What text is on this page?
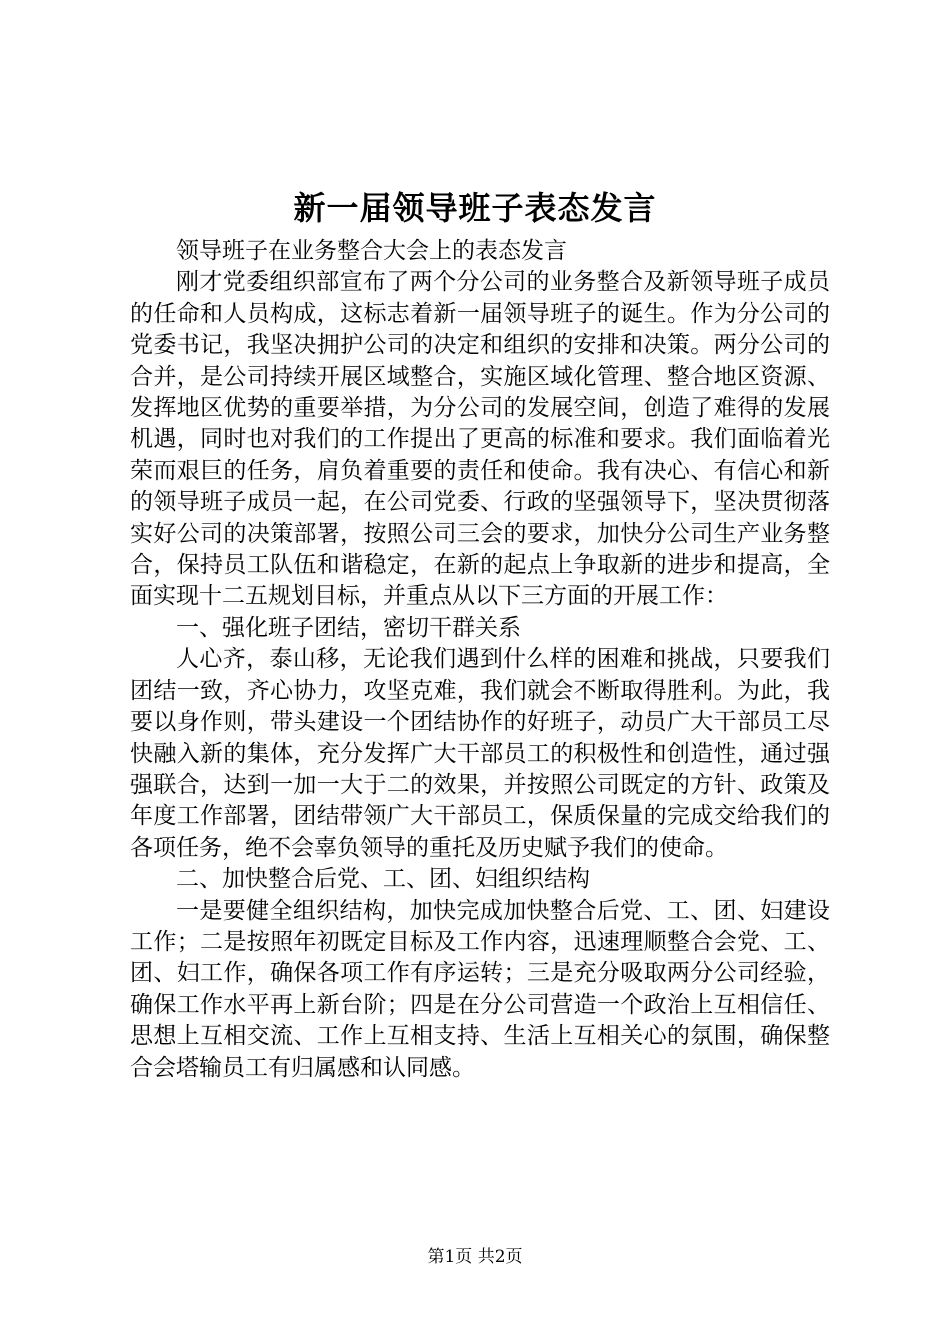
新一届领导班子表态发言

领导班子在业务整合大会上的表态发言

刚才党委组织部宣布了两个分公司的业务整合及新领导班子成员的任命和人员构成，这标志着新一届领导班子的诞生。作为分公司的党委书记，我坚决拥护公司的决定和组织的安排和决策。两分公司的合并，是公司持续开展区域整合，实施区域化管理、整合地区资源、发挥地区优势的重要举措，为分公司的发展空间，创造了难得的发展机遇，同时也对我们的工作提出了更高的标准和要求。我们面临着光荣而艰巨的任务，肩负着重要的责任和使命。我有决心、有信心和新的领导班子成员一起，在公司党委、行政的坚强领导下，坚决贯彻落实好公司的决策部署，按照公司三会的要求，加快分公司生产业务整合，保持员工队伍和谐稳定，在新的起点上争取新的进步和提高，全面实现十二五规划目标，并重点从以下三方面的开展工作：

一、强化班子团结，密切干群关系

人心齐，泰山移，无论我们遇到什么样的困难和挑战，只要我们团结一致，齐心协力，攻坚克难，我们就会不断取得胜利。为此，我要以身作则，带头建设一个团结协作的好班子，动员广大干部员工尽快融入新的集体，充分发挥广大干部员工的积极性和创造性，通过强强联合，达到一加一大于二的效果，并按照公司既定的方针、政策及年度工作部署，团结带领广大干部员工，保质保量的完成交给我们的各项任务，绝不会辜负领导的重托及历史赋予我们的使命。

二、加快整合后党、工、团、妇组织结构

一是要健全组织结构，加快完成加快整合后党、工、团、妇建设工作；二是按照年初既定目标及工作内容，迅速理顺整合会党、工、团、妇工作，确保各项工作有序运转；三是充分吸取两分公司经验，确保工作水平再上新台阶；四是在分公司营造一个政治上互相信任、思想上互相交流、工作上互相支持、生活上互相关心的氛围，确保整合会塔输员工有归属感和认同感。

第1页 共2页
